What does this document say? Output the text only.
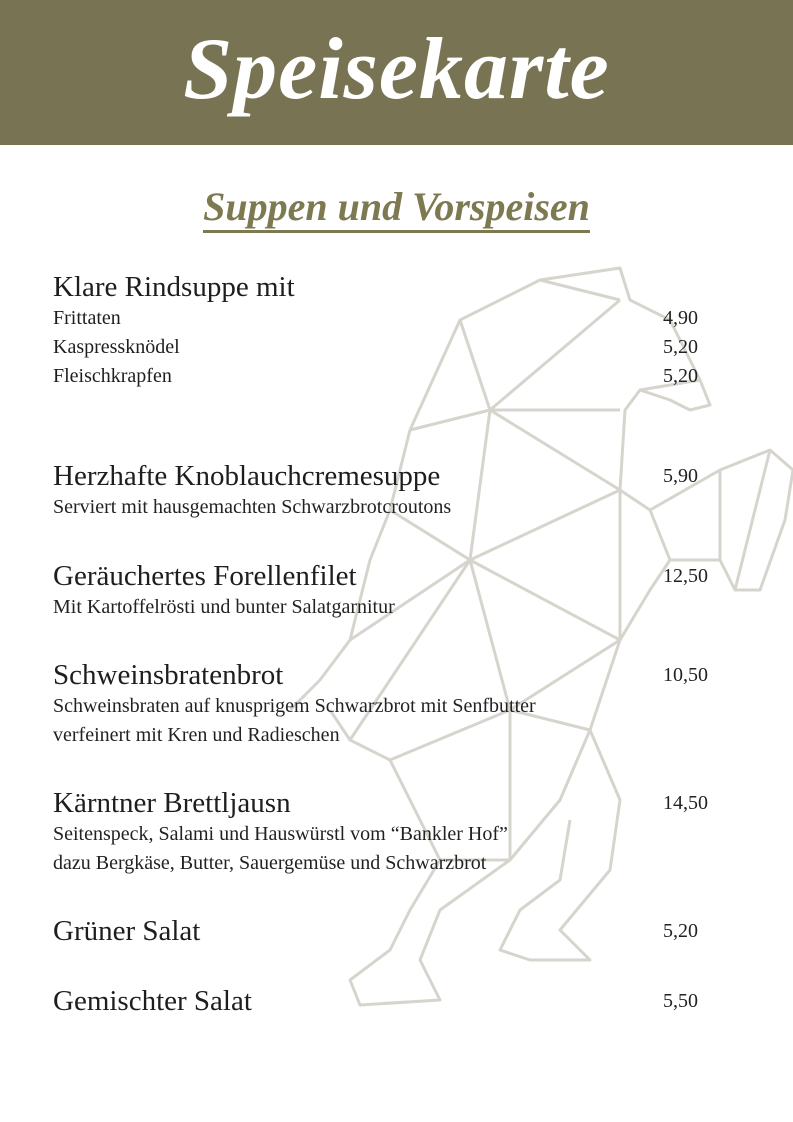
Speisekarte
Suppen und Vorspeisen
Klare Rindsuppe mit
Frittaten	4,90
Kaspressknödel	5,20
Fleischkrapfen	5,20
Herzhafte Knoblauchcremesuppe	5,90
Serviert mit hausgemachten Schwarzbrotcroutons
Geräuchertes Forellenfilet	12,50
Mit Kartoffelrösti und bunter Salatgarnitur
Schweinsbratenbrot	10,50
Schweinsbraten auf knusprigem Schwarzbrot mit Senfbutter
verfeinert mit Kren und Radieschen
Kärntner Brettljausn	14,50
Seitenspeck, Salami und Hauswürstl vom “Bankler Hof”
dazu Bergkäse, Butter, Sauergemüse und Schwarzbrot
Grüner Salat	5,20
Gemischter Salat	5,50
